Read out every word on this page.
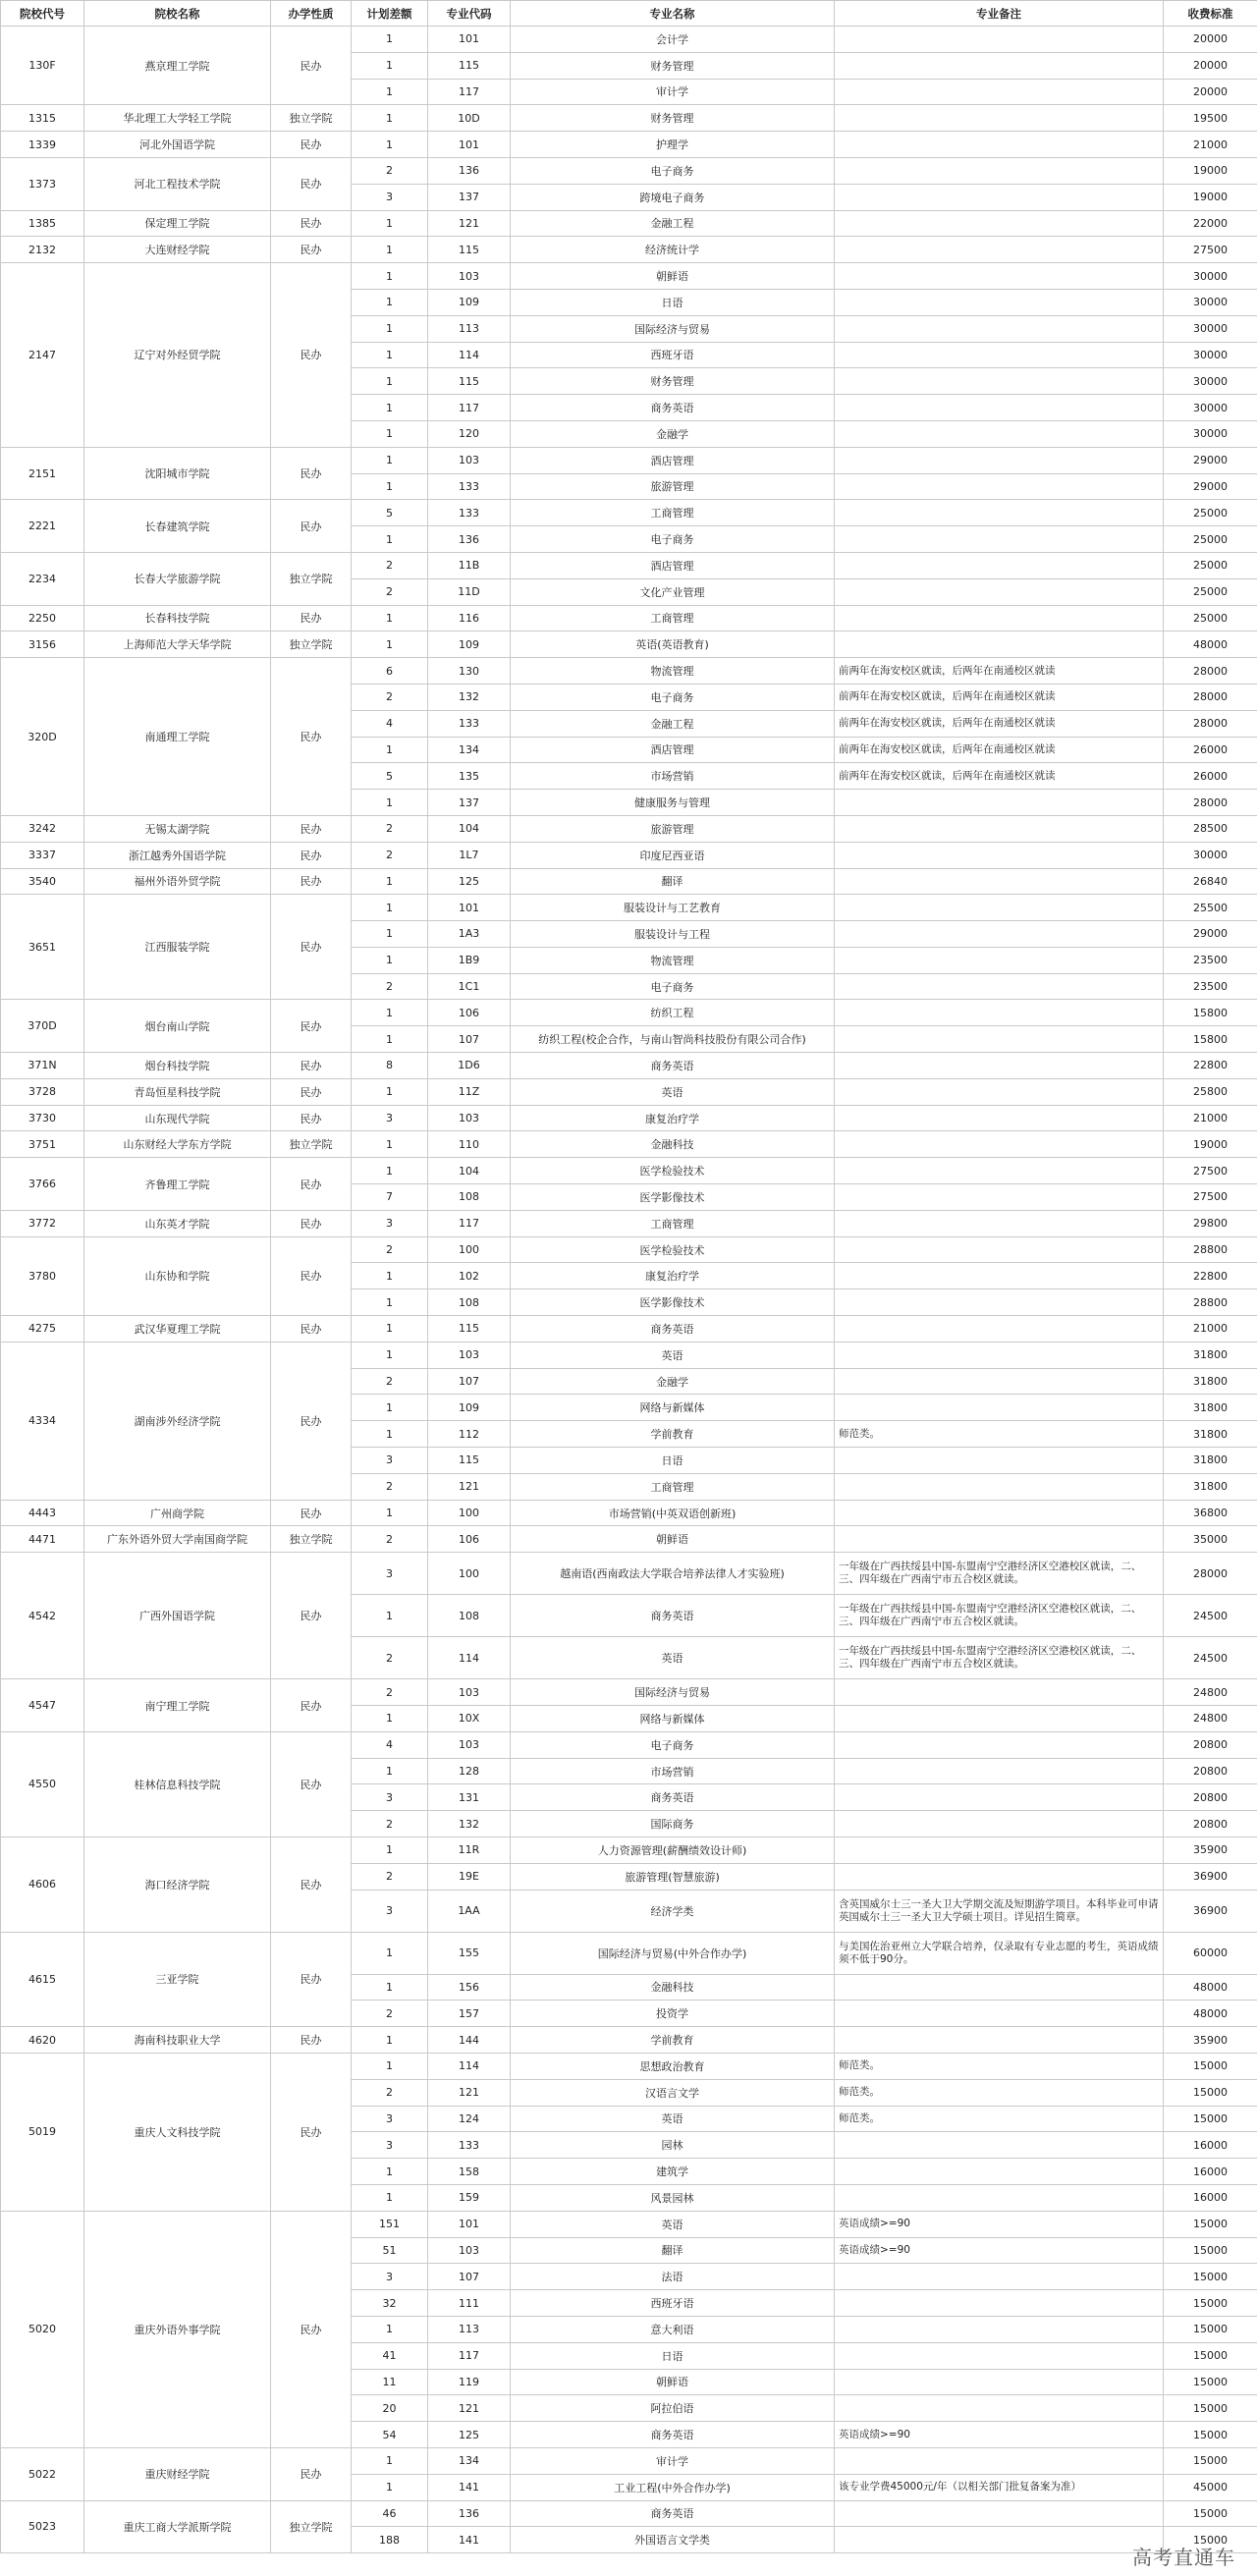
院校代号	院校名称	办学性质	计划差额	专业代码	专业名称	专业备注	收费标准
130F	燕京理工学院	民办	1	101	会计学		20000
			1	115	财务管理		20000
			1	117	审计学		20000
1315	华北理工大学轻工学院	独立学院	1	10D	财务管理		19500
1339	河北外国语学院	民办	1	101	护理学		21000
1373	河北工程技术学院	民办	2	136	电子商务		19000
			3	137	跨境电子商务		19000
1385	保定理工学院	民办	1	121	金融工程		22000
2132	大连财经学院	民办	1	115	经济统计学		27500
2147	辽宁对外经贸学院	民办	1	103	朝鲜语		30000
			1	109	日语		30000
			1	113	国际经济与贸易		30000
			1	114	西班牙语		30000
			1	115	财务管理		30000
			1	117	商务英语		30000
			1	120	金融学		30000
2151	沈阳城市学院	民办	1	103	酒店管理		29000
			1	133	旅游管理		29000
2221	长春建筑学院	民办	5	133	工商管理		25000
			1	136	电子商务		25000
2234	长春大学旅游学院	独立学院	2	11B	酒店管理		25000
			2	11D	文化产业管理		25000
2250	长春科技学院	民办	1	116	工商管理		25000
3156	上海师范大学天华学院	独立学院	1	109	英语(英语教育)		48000
320D	南通理工学院	民办	6	130	物流管理	前两年在海安校区就读，后两年在南通校区就读	28000
			2	132	电子商务	前两年在海安校区就读，后两年在南通校区就读	28000
			4	133	金融工程	前两年在海安校区就读，后两年在南通校区就读	28000
			1	134	酒店管理	前两年在海安校区就读，后两年在南通校区就读	26000
			5	135	市场营销	前两年在海安校区就读，后两年在南通校区就读	26000
			1	137	健康服务与管理		28000
3242	无锡太湖学院	民办	2	104	旅游管理		28500
3337	浙江越秀外国语学院	民办	2	1L7	印度尼西亚语		30000
3540	福州外语外贸学院	民办	1	125	翻译		26840
3651	江西服装学院	民办	1	101	服装设计与工艺教育		25500
			1	1A3	服装设计与工程		29000
			1	1B9	物流管理		23500
			2	1C1	电子商务		23500
370D	烟台南山学院	民办	1	106	纺织工程		15800
			1	107	纺织工程(校企合作，与南山智尚科技股份有限公司合作)		15800
371N	烟台科技学院	民办	8	1D6	商务英语		22800
3728	青岛恒星科技学院	民办	1	11Z	英语		25800
3730	山东现代学院	民办	3	103	康复治疗学		21000
3751	山东财经大学东方学院	独立学院	1	110	金融科技		19000
3766	齐鲁理工学院	民办	1	104	医学检验技术		27500
			7	108	医学影像技术		27500
3772	山东英才学院	民办	3	117	工商管理		29800
3780	山东协和学院	民办	2	100	医学检验技术		28800
			1	102	康复治疗学		22800
			1	108	医学影像技术		28800
4275	武汉华夏理工学院	民办	1	115	商务英语		21000
4334	湖南涉外经济学院	民办	1	103	英语		31800
			2	107	金融学		31800
			1	109	网络与新媒体		31800
			1	112	学前教育	师范类。	31800
			3	115	日语		31800
			2	121	工商管理		31800
4443	广州商学院	民办	1	100	市场营销(中英双语创新班)		36800
4471	广东外语外贸大学南国商学院	独立学院	2	106	朝鲜语		35000
4542	广西外国语学院	民办	3	100	越南语(西南政法大学联合培养法律人才实验班)	一年级在广西扶绥县中国-东盟南宁空港经济区空港校区就读，二、三、四年级在广西南宁市五合校区就读。	28000
			1	108	商务英语	一年级在广西扶绥县中国-东盟南宁空港经济区空港校区就读，二、三、四年级在广西南宁市五合校区就读。	24500
			2	114	英语	一年级在广西扶绥县中国-东盟南宁空港经济区空港校区就读，二、三、四年级在广西南宁市五合校区就读。	24500
4547	南宁理工学院	民办	2	103	国际经济与贸易		24800
			1	10X	网络与新媒体		24800
4550	桂林信息科技学院	民办	4	103	电子商务		20800
			1	128	市场营销		20800
			3	131	商务英语		20800
			2	132	国际商务		20800
4606	海口经济学院	民办	1	11R	人力资源管理(薪酬绩效设计师)		35900
			2	19E	旅游管理(智慧旅游)		36900
			3	1AA	经济学类	含英国威尔士三一圣大卫大学期交流及短期游学项目。本科毕业可申请英国威尔士三一圣大卫大学硕士项目。详见招生简章。	36900
4615	三亚学院	民办	1	155	国际经济与贸易(中外合作办学)	与美国佐治亚州立大学联合培养，仅录取有专业志愿的考生，英语成绩须不低于90分。	60000
			1	156	金融科技		48000
			2	157	投资学		48000
4620	海南科技职业大学	民办	1	144	学前教育		35900
5019	重庆人文科技学院	民办	1	114	思想政治教育	师范类。	15000
			2	121	汉语言文学	师范类。	15000
			3	124	英语	师范类。	15000
			3	133	园林		16000
			1	158	建筑学		16000
			1	159	风景园林		16000
5020	重庆外语外事学院	民办	151	101	英语	英语成绩>=90	15000
			51	103	翻译	英语成绩>=90	15000
			3	107	法语		15000
			32	111	西班牙语		15000
			1	113	意大利语		15000
			41	117	日语		15000
			11	119	朝鲜语		15000
			20	121	阿拉伯语		15000
			54	125	商务英语	英语成绩>=90	15000
5022	重庆财经学院	民办	1	134	审计学		15000
			1	141	工业工程(中外合作办学)	该专业学费45000元/年（以相关部门批复备案为准）	45000
5023	重庆工商大学派斯学院	独立学院	46	136	商务英语		15000
			188	141	外国语言文学类		15000
高考直通车
